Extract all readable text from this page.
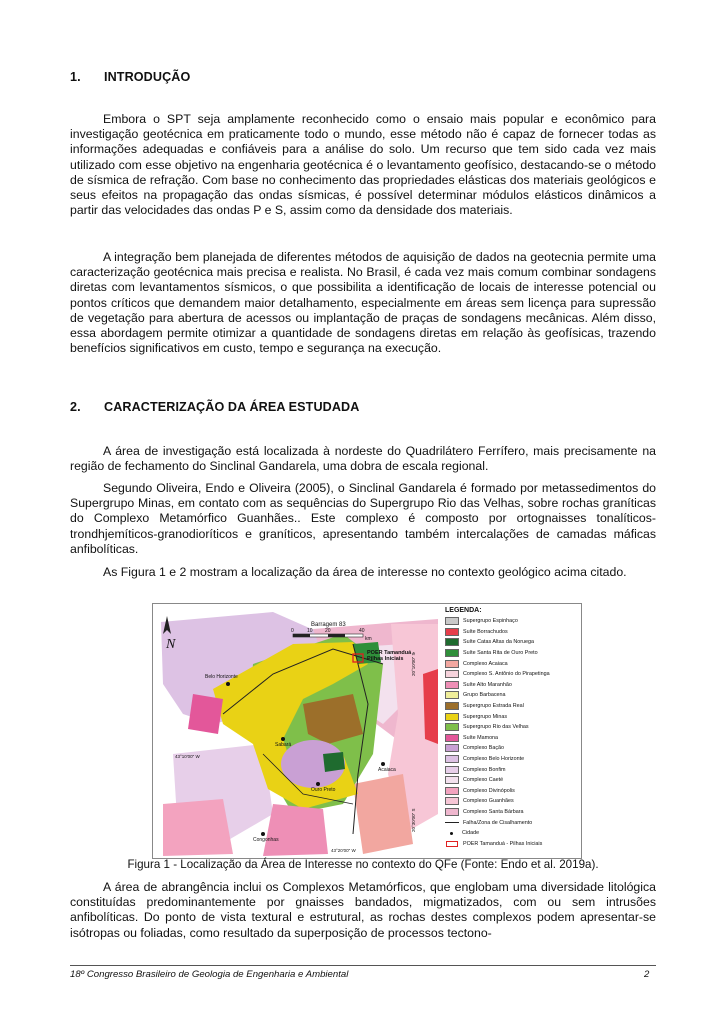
1. INTRODUÇÃO

Embora o SPT seja amplamente reconhecido como o ensaio mais popular e econômico para investigação geotécnica em praticamente todo o mundo, esse método não é capaz de fornecer todas as informações adequadas e confiáveis para a análise do solo. Um recurso que tem sido cada vez mais utilizado com esse objetivo na engenharia geotécnica é o levantamento geofísico, destacando-se o método de sísmica de refração. Com base no conhecimento das propriedades elásticas dos materiais geológicos e seus efeitos na propagação das ondas sísmicas, é possível determinar módulos elásticos dinâmicos a partir das velocidades das ondas P e S, assim como da densidade dos materiais.

A integração bem planejada de diferentes métodos de aquisição de dados na geotecnia permite uma caracterização geotécnica mais precisa e realista. No Brasil, é cada vez mais comum combinar sondagens diretas com levantamentos sísmicos, o que possibilita a identificação de locais de interesse potencial ou pontos críticos que demandem maior detalhamento, especialmente em áreas sem licença para supressão de vegetação para abertura de acessos ou implantação de praças de sondagens mecânicas. Além disso, essa abordagem permite otimizar a quantidade de sondagens diretas em relação às geofísicas, trazendo benefícios significativos em custo, tempo e segurança na execução.

2. CARACTERIZAÇÃO DA ÁREA ESTUDADA

A área de investigação está localizada à nordeste do Quadrilátero Ferrífero, mais precisamente na região de fechamento do Sinclinal Gandarela, uma dobra de escala regional.

Segundo Oliveira, Endo e Oliveira (2005), o Sinclinal Gandarela é formado por metassedimentos do Supergrupo Minas, em contato com as sequências do Supergrupo Rio das Velhas, sobre rochas graníticas do Complexo Metamórfico Guanhães.. Este complexo é composto por ortognaisses tonalíticos-trondhjemíticos-granodioríticos e graníticos, apresentando também intercalações de camadas máficas anfibolíticas.

As Figura 1 e 2 mostram a localização da área de interesse no contexto geológico acima citado.

N
Barragem 83
0	10 20	40
km
POER Tamanduá - Pilhas Iniciais
Belo Horizonte
Sabará
Ouro Preto
Acaiaca
Congonhas
20°10'00" S
43°10'00" W
20°30'00" S
43°20'00" W
LEGENDA:
Supergrupo Espinhaço
Suíte Borrachudos
Suíte Catas Altas da Noruega
Suíte Santa Rita de Ouro Preto
Complexo Acaiaca
Complexo S. Antônio do Pirapetinga
Suíte Alto Maranhão
Grupo Barbacena
Supergrupo Estrada Real
Supergrupo Minas
Supergrupo Rio das Velhas
Suíte Mamona
Complexo Bação
Complexo Belo Horizonte
Complexo Bonfim
Complexo Caeté
Complexo Divinópolis
Complexo Guanhães
Complexo Santa Bárbara
Falha/Zona de Cisalhamento
Cidade
POER Tamanduá - Pilhas Iniciais
Figura 1 - Localização da Área de Interesse no contexto do QFe (Fonte: Endo et al. 2019a).

A área de abrangência inclui os Complexos Metamórficos, que englobam uma diversidade litológica constituídas predominantemente por gnaisses bandados, migmatizados, com ou sem intrusões anfibolíticas. Do ponto de vista textural e estrutural, as rochas destes complexos podem apresentar-se isótropas ou foliadas, como resultado da superposição de processos tectono-

18º Congresso Brasileiro de Geologia de Engenharia e Ambiental	2
